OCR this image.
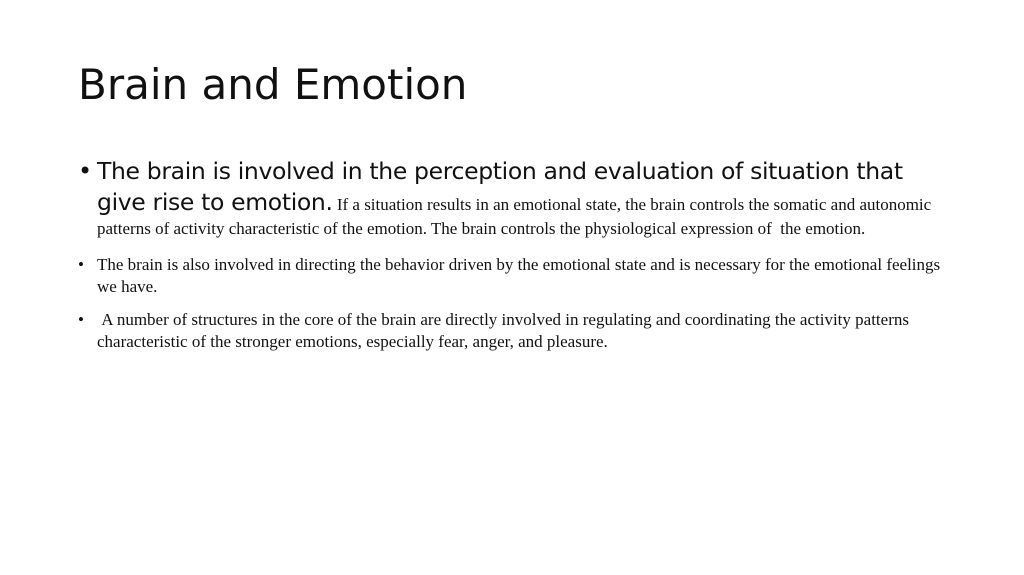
Brain and Emotion
• The brain is involved in the perception and evaluation of situation that give rise to emotion. If a situation results in an emotional state, the brain controls the somatic and autonomic patterns of activity characteristic of the emotion. The brain controls the physiological expression of  the emotion.
• The brain is also involved in directing the behavior driven by the emotional state and is necessary for the emotional feelings we have.
• A number of structures in the core of the brain are directly involved in regulating and coordinating the activity patterns characteristic of the stronger emotions, especially fear, anger, and pleasure.
